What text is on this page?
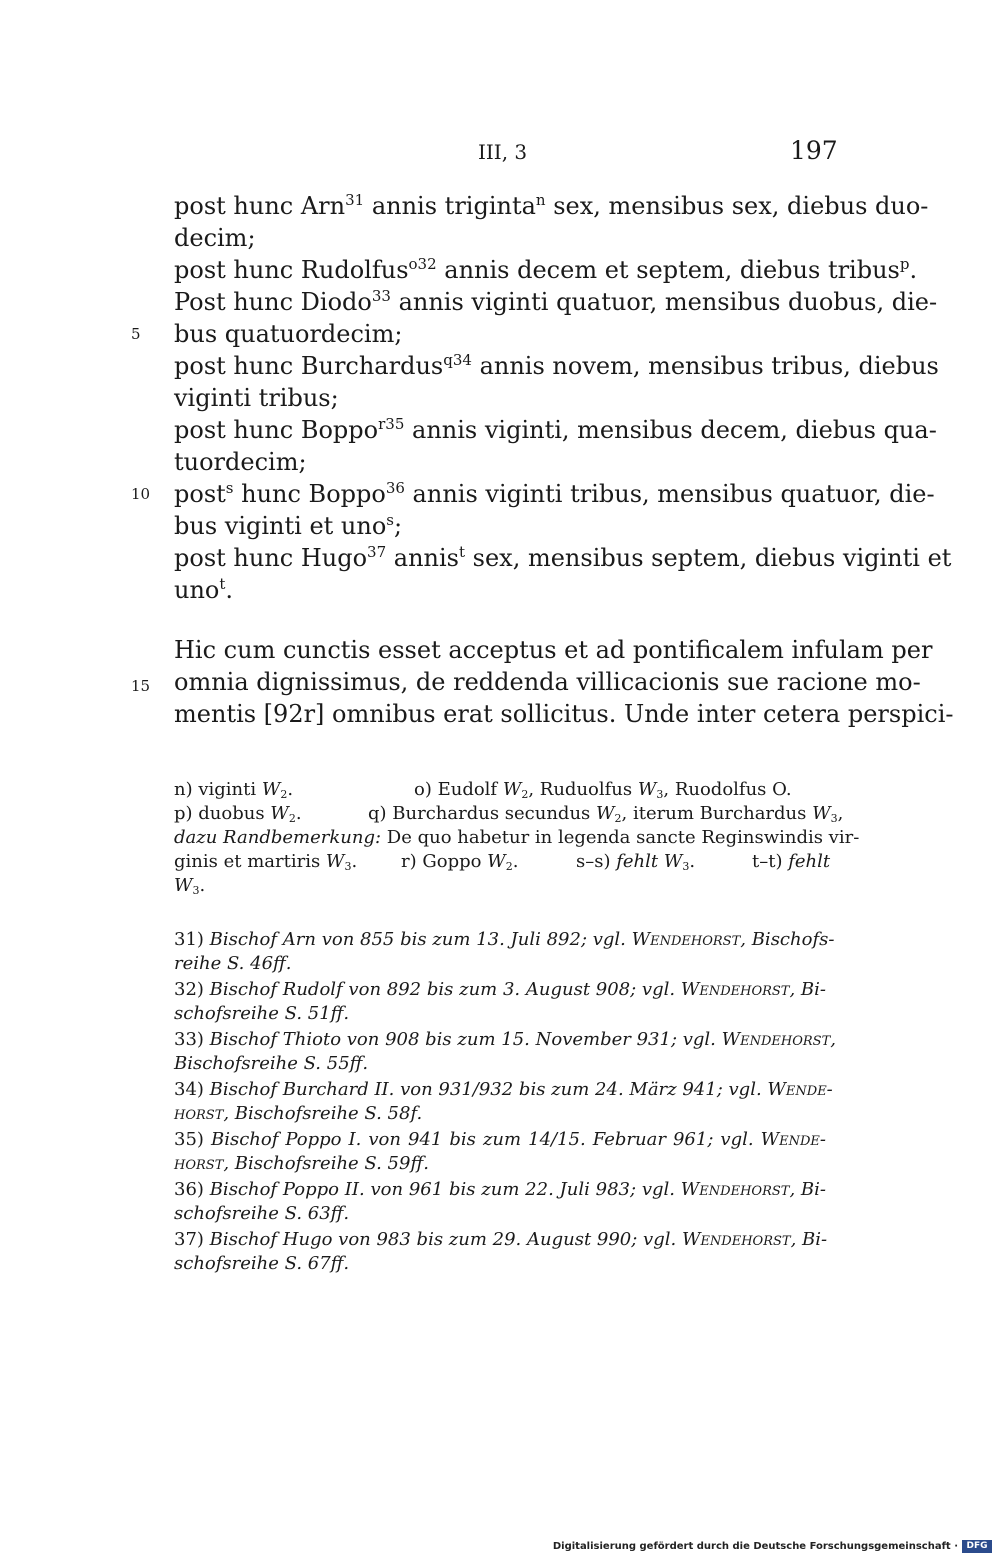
III, 3	197
5
10
15
post hunc Arn$^{31}$ annis triginta$^n$ sex, mensibus sex, diebus duo-
decim;
post hunc Rudolfus$^{o32}$ annis decem et septem, diebus tribus$^p$.
Post hunc Diodo$^{33}$ annis viginti quatuor, mensibus duobus, die-
bus quatuordecim;
post hunc Burchardus$^{q34}$ annis novem, mensibus tribus, diebus
viginti tribus;
post hunc Boppo$^{r35}$ annis viginti, mensibus decem, diebus qua-
tuordecim;
post$^s$ hunc Boppo$^{36}$ annis viginti tribus, mensibus quatuor, die-
bus viginti et uno$^s$;
post hunc Hugo$^{37}$ annis$^t$ sex, mensibus septem, diebus viginti et
uno$^t$.
Hic cum cunctis esset acceptus et ad pontificalem infulam per
omnia dignissimus, de reddenda villicacionis sue racione mo-
mentis [92r] omnibus erat sollicitus. Unde inter cetera perspici-
n) viginti $W_2$.	o) Eudolf $W_2$, Ruduolfus $W_3$, Ruodolfus O.
p) duobus $W_2$.	q) Burchardus secundus $W_2$, iterum Burchardus $W_3$,
dazu Randbemerkung: De quo habetur in legenda sancte Reginswindis vir-
ginis et martiris $W_3$. r) Goppo $W_2$.	s–s) fehlt $W_3$.	t–t) fehlt
$W_3$.
31) Bischof Arn von 855 bis zum 13. Juli 892; vgl. Wendehorst, Bischofs-
reihe S. 46ff.
32) Bischof Rudolf von 892 bis zum 3. August 908; vgl. Wendehorst, Bi-
schofsreihe S. 51ff.
33) Bischof Thioto von 908 bis zum 15. November 931; vgl. Wendehorst,
Bischofsreihe S. 55ff.
34) Bischof Burchard II. von 931/932 bis zum 24. März 941; vgl. Wende-
horst, Bischofsreihe S. 58f.
35) Bischof Poppo I. von 941 bis zum 14/15. Februar 961; vgl. Wende-
horst, Bischofsreihe S. 59ff.
36) Bischof Poppo II. von 961 bis zum 22. Juli 983; vgl. Wendehorst, Bi-
schofsreihe S. 63ff.
37) Bischof Hugo von 983 bis zum 29. August 990; vgl. Wendehorst, Bi-
schofsreihe S. 67ff.
Digitalisierung gefördert durch die Deutsche Forschungsgemeinschaft · DFG
